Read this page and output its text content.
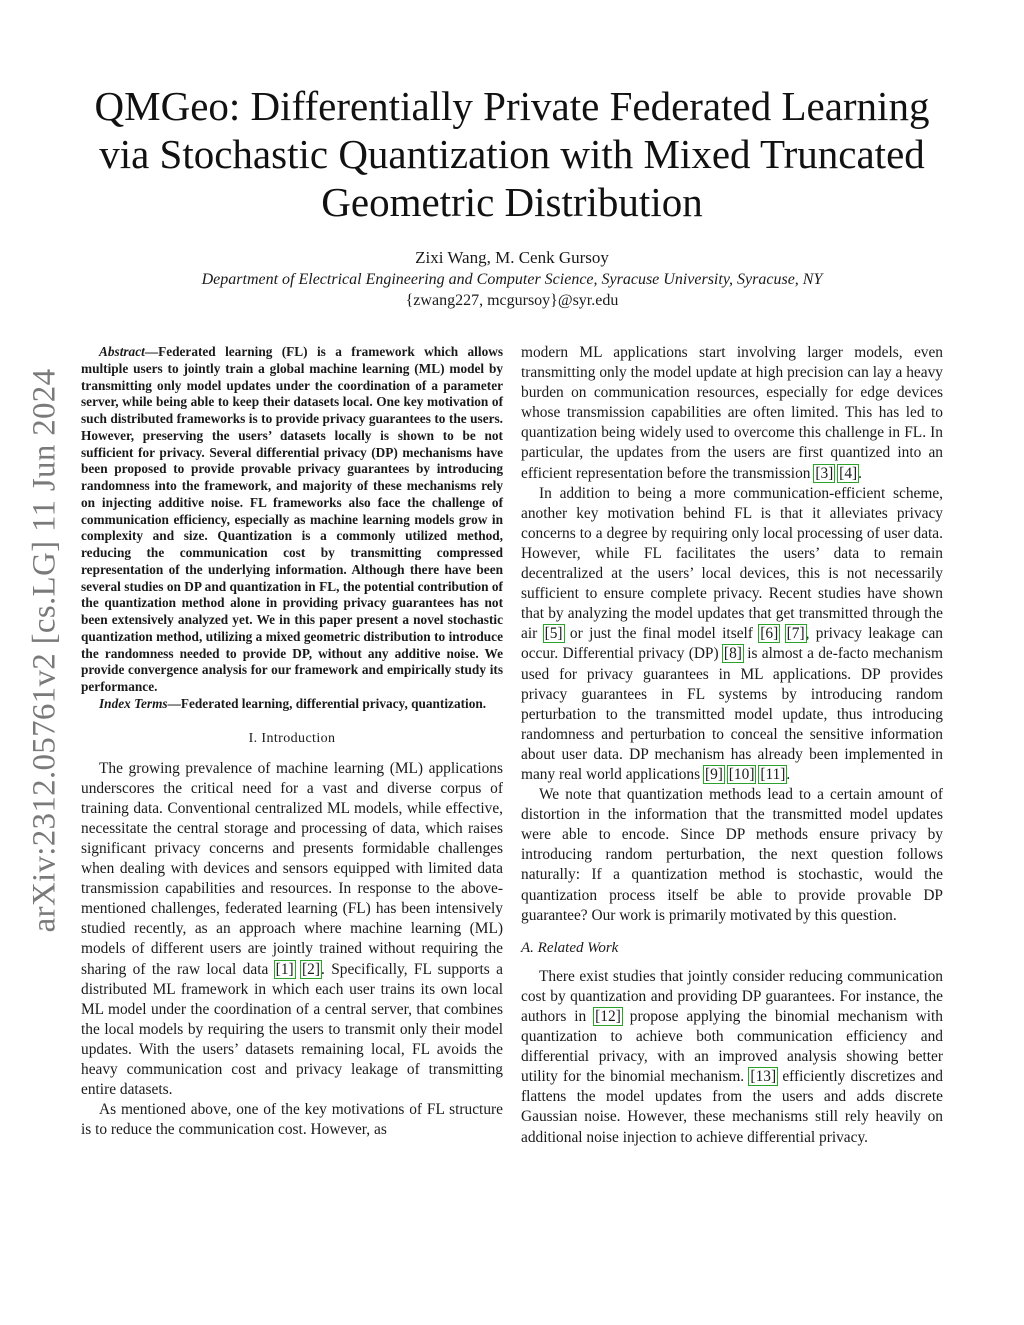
arXiv:2312.05761v2 [cs.LG] 11 Jun 2024
QMGeo: Differentially Private Federated Learning
via Stochastic Quantization with Mixed Truncated
Geometric Distribution
Zixi Wang, M. Cenk Gursoy
Department of Electrical Engineering and Computer Science, Syracuse University, Syracuse, NY
{zwang227, mcgursoy}@syr.edu

Abstract—Federated learning (FL) is a framework which allows multiple users to jointly train a global machine learning (ML) model by transmitting only model updates under the coordination of a parameter server, while being able to keep their datasets local. One key motivation of such distributed frameworks is to provide privacy guarantees to the users. However, preserving the users’ datasets locally is shown to be not sufficient for privacy. Several differential privacy (DP) mechanisms have been proposed to provide provable privacy guarantees by introducing randomness into the framework, and majority of these mechanisms rely on injecting additive noise. FL frameworks also face the challenge of communication efficiency, especially as machine learning models grow in complexity and size. Quantization is a commonly utilized method, reducing the communication cost by transmitting compressed representation of the underlying information. Although there have been several studies on DP and quantization in FL, the potential contribution of the quantization method alone in providing privacy guarantees has not been extensively analyzed yet. We in this paper present a novel stochastic quantization method, utilizing a mixed geometric distribution to introduce the randomness needed to provide DP, without any additive noise. We provide convergence analysis for our framework and empirically study its performance.

Index Terms—Federated learning, differential privacy, quantization.

I. Introduction

The growing prevalence of machine learning (ML) applications underscores the critical need for a vast and diverse corpus of training data. Conventional centralized ML models, while effective, necessitate the central storage and processing of data, which raises significant privacy concerns and presents formidable challenges when dealing with devices and sensors equipped with limited data transmission capabilities and resources. In response to the above-mentioned challenges, federated learning (FL) has been intensively studied recently, as an approach where machine learning (ML) models of different users are jointly trained without requiring the sharing of the raw local data [1] [2]. Specifically, FL supports a distributed ML framework in which each user trains its own local ML model under the coordination of a central server, that combines the local models by requiring the users to transmit only their model updates. With the users’ datasets remaining local, FL avoids the heavy communication cost and privacy leakage of transmitting entire datasets.

As mentioned above, one of the key motivations of FL structure is to reduce the communication cost. However, as

modern ML applications start involving larger models, even transmitting only the model update at high precision can lay a heavy burden on communication resources, especially for edge devices whose transmission capabilities are often limited. This has led to quantization being widely used to overcome this challenge in FL. In particular, the updates from the users are first quantized into an efficient representation before the transmission [3] [4].

In addition to being a more communication-efficient scheme, another key motivation behind FL is that it alleviates privacy concerns to a degree by requiring only local processing of user data. However, while FL facilitates the users’ data to remain decentralized at the users’ local devices, this is not necessarily sufficient to ensure complete privacy. Recent studies have shown that by analyzing the model updates that get transmitted through the air [5] or just the final model itself [6] [7], privacy leakage can occur. Differential privacy (DP) [8] is almost a de-facto mechanism used for privacy guarantees in ML applications. DP provides privacy guarantees in FL systems by introducing random perturbation to the transmitted model update, thus introducing randomness and perturbation to conceal the sensitive information about user data. DP mechanism has already been implemented in many real world applications [9] [10] [11].

We note that quantization methods lead to a certain amount of distortion in the information that the transmitted model updates were able to encode. Since DP methods ensure privacy by introducing random perturbation, the next question follows naturally: If a quantization method is stochastic, would the quantization process itself be able to provide provable DP guarantee? Our work is primarily motivated by this question.

A. Related Work

There exist studies that jointly consider reducing communication cost by quantization and providing DP guarantees. For instance, the authors in [12] propose applying the binomial mechanism with quantization to achieve both communication efficiency and differential privacy, with an improved analysis showing better utility for the binomial mechanism. [13] efficiently discretizes and flattens the model updates from the users and adds discrete Gaussian noise. However, these mechanisms still rely heavily on additional noise injection to achieve differential privacy.
